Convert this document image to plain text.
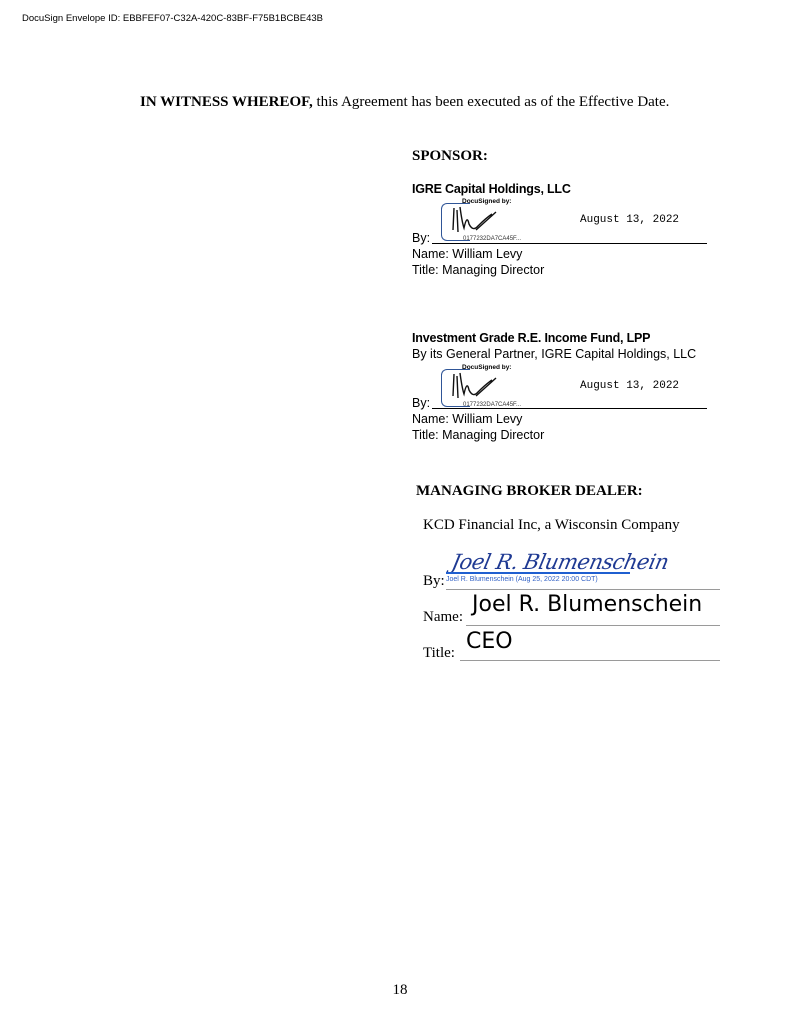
DocuSign Envelope ID: EBBFEF07-C32A-420C-83BF-F75B1BCBE43B
IN WITNESS WHEREOF, this Agreement has been executed as of the Effective Date.
SPONSOR:
IGRE Capital Holdings, LLC
DocuSigned by:
August 13, 2022
By:	0177232DA7CA45F...
Name: William Levy
Title: Managing Director
Investment Grade R.E. Income Fund, LPP
By its General Partner, IGRE Capital Holdings, LLC
DocuSigned by:
August 13, 2022
By:	0177232DA7CA45F...
Name: William Levy
Title: Managing Director
MANAGING BROKER DEALER:
KCD Financial Inc, a Wisconsin Company
Joel R. Blumenschein
Joel R. Blumenschein (Aug 25, 2022 20:00 CDT)
By:
Name: Joel R. Blumenschein
Title: CEO
18
